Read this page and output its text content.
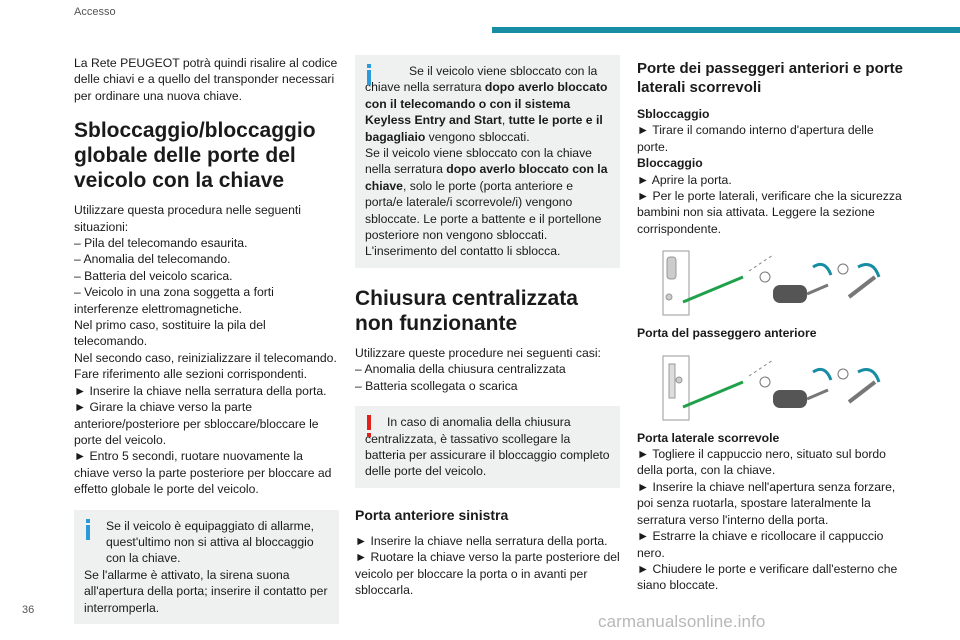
Accesso

La Rete PEUGEOT potrà quindi risalire al codice delle chiavi e a quello del transponder necessari per ordinare una nuova chiave.

Sbloccaggio/bloccaggio globale delle porte del veicolo con la chiave

Utilizzare questa procedura nelle seguenti situazioni:

– Pila del telecomando esaurita.

– Anomalia del telecomando.

– Batteria del veicolo scarica.

– Veicolo in una zona soggetta a forti interferenze elettromagnetiche.

Nel primo caso, sostituire la pila del telecomando.

Nel secondo caso, reinizializzare il telecomando. Fare riferimento alle sezioni corrispondenti.

► Inserire la chiave nella serratura della porta.

► Girare la chiave verso la parte anteriore/posteriore per sbloccare/bloccare le porte del veicolo.

► Entro 5 secondi, ruotare nuovamente la chiave verso la parte posteriore per bloccare ad effetto globale le porte del veicolo.

Se il veicolo è equipaggiato di allarme, quest'ultimo non si attiva al bloccaggio con la chiave.

Se l'allarme è attivato, la sirena suona all'apertura della porta; inserire il contatto per interromperla.

Se il veicolo viene sbloccato con la chiave nella serratura dopo averlo bloccato con il telecomando o con il sistema Keyless Entry and Start, tutte le porte e il bagagliaio vengono sbloccati.

Se il veicolo viene sbloccato con la chiave nella serratura dopo averlo bloccato con la chiave, solo le porte (porta anteriore e porta/e laterale/i scorrevole/i) vengono sbloccate. Le porte a battente e il portellone posteriore non vengono sbloccati. L'inserimento del contatto li sblocca.

Chiusura centralizzata non funzionante

Utilizzare queste procedure nei seguenti casi:

– Anomalia della chiusura centralizzata

– Batteria scollegata o scarica

In caso di anomalia della chiusura centralizzata, è tassativo scollegare la batteria per assicurare il bloccaggio completo delle porte del veicolo.

Porta anteriore sinistra

► Inserire la chiave nella serratura della porta.

► Ruotare la chiave verso la parte posteriore del veicolo per bloccare la porta o in avanti per sbloccarla.

Porte dei passeggeri anteriori e porte laterali scorrevoli

Sbloccaggio

► Tirare il comando interno d'apertura delle porte.

Bloccaggio

► Aprire la porta.

► Per le porte laterali, verificare che la sicurezza bambini non sia attivata. Leggere la sezione corrispondente.

Porta del passeggero anteriore

Porta laterale scorrevole

► Togliere il cappuccio nero, situato sul bordo della porta, con la chiave.

► Inserire la chiave nell'apertura senza forzare, poi senza ruotarla, spostare lateralmente la serratura verso l'interno della porta.

► Estrarre la chiave e ricollocare il cappuccio nero.

► Chiudere le porte e verificare dall'esterno che siano bloccate.

36
carmanualsonline.info
